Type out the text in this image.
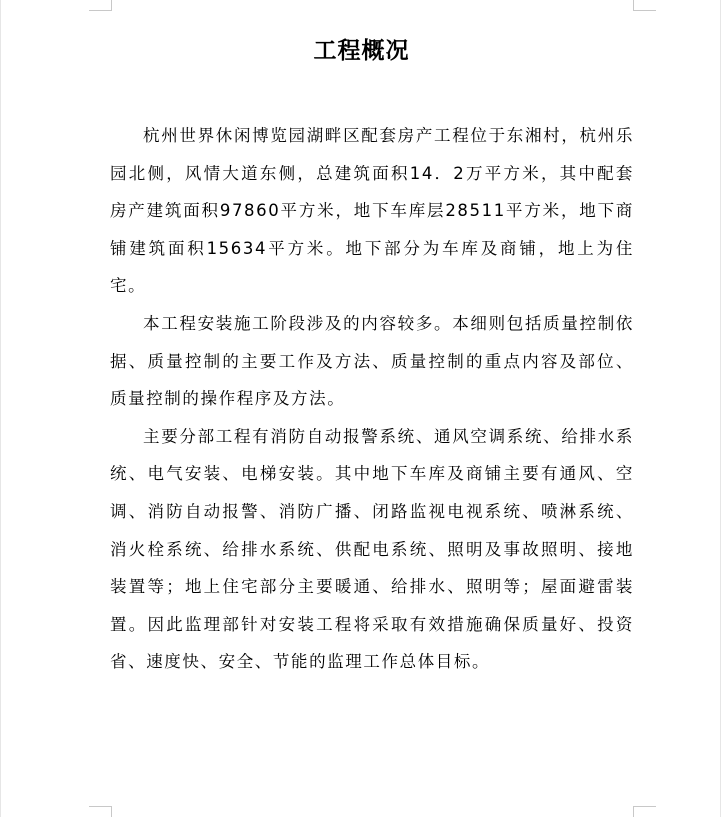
工程概况

杭州世界休闲博览园湖畔区配套房产工程位于东湘村，杭州乐园北侧，风情大道东侧，总建筑面积14．2万平方米，其中配套房产建筑面积97860平方米，地下车库层28511平方米，地下商铺建筑面积15634平方米。地下部分为车库及商铺，地上为住宅。

本工程安装施工阶段涉及的内容较多。本细则包括质量控制依据、质量控制的主要工作及方法、质量控制的重点内容及部位、质量控制的操作程序及方法。

主要分部工程有消防自动报警系统、通风空调系统、给排水系统、电气安装、电梯安装。其中地下车库及商铺主要有通风、空调、消防自动报警、消防广播、闭路监视电视系统、喷淋系统、消火栓系统、给排水系统、供配电系统、照明及事故照明、接地装置等；地上住宅部分主要暖通、给排水、照明等；屋面避雷装置。因此监理部针对安装工程将采取有效措施确保质量好、投资省、速度快、安全、节能的监理工作总体目标。
